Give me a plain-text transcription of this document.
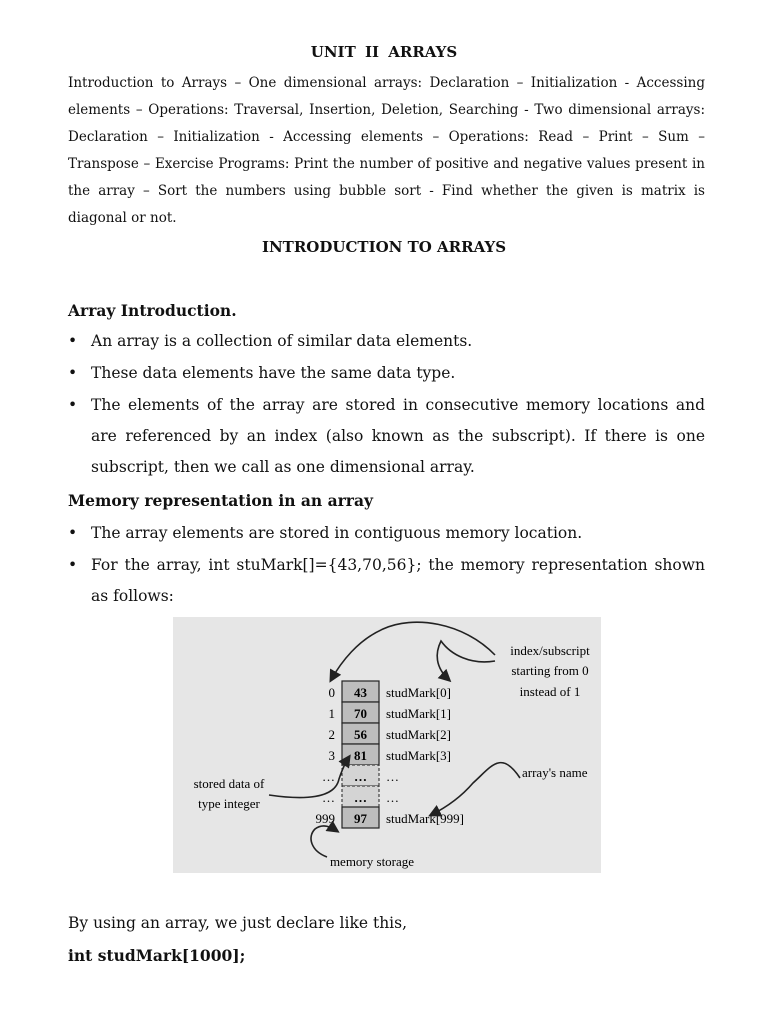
UNIT II ARRAYS

Introduction to Arrays – One dimensional arrays: Declaration – Initialization - Accessing elements – Operations: Traversal, Insertion, Deletion, Searching - Two dimensional arrays: Declaration – Initialization - Accessing elements – Operations: Read – Print – Sum – Transpose – Exercise Programs: Print the number of positive and negative values present in the array – Sort the numbers using bubble sort - Find whether the given is matrix is diagonal or not.

INTRODUCTION TO ARRAYS
Array Introduction.
• An array is a collection of similar data elements.
• These data elements have the same data type.
• The elements of the array are stored in consecutive memory locations and are referenced by an index (also known as the subscript). If there is one subscript, then we call as one dimensional array.
Memory representation in an array
• The array elements are stored in contiguous memory location.
• For the array, int stuMark[]={43,70,56}; the memory representation shown as follows:
0
1
2
3
…
…
999
43
70
56
81
…
…
97
studMark[0]
studMark[1]
studMark[2]
studMark[3]
…
…
studMark[999]
index/subscript
starting from 0
instead of 1
array's name
stored data of
type integer
memory storage
By using an array, we just declare like this,
int studMark[1000];
